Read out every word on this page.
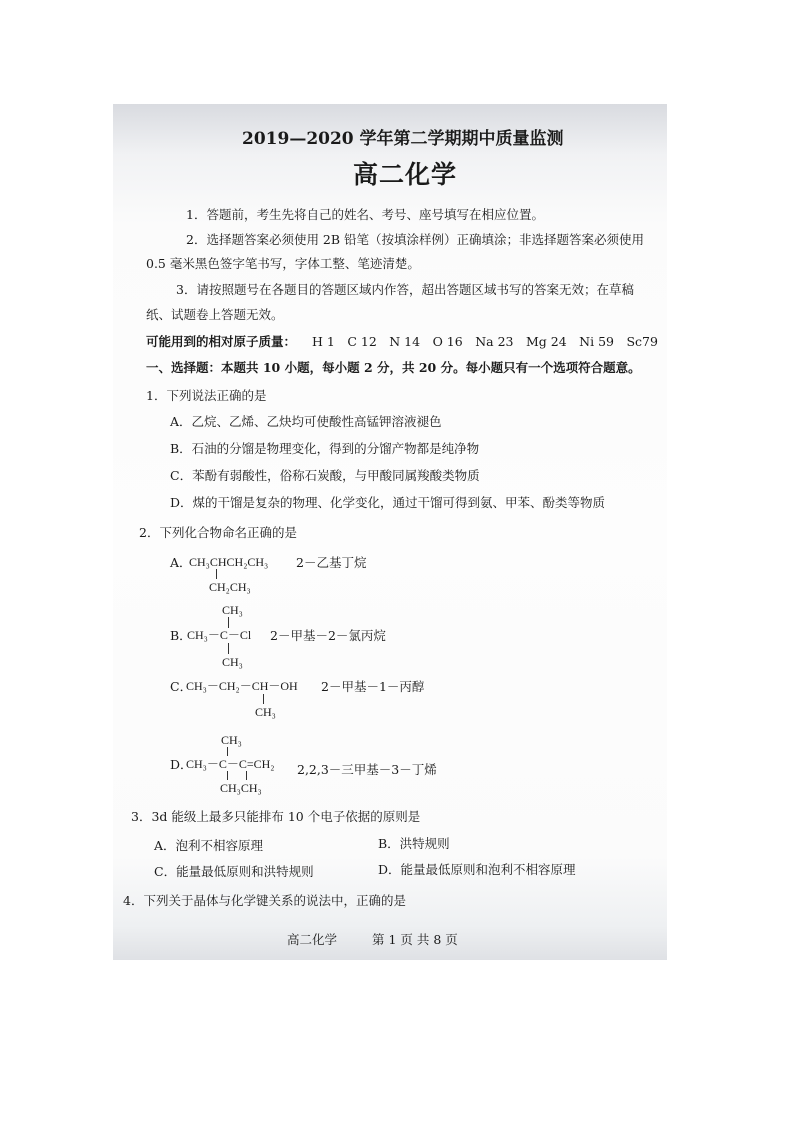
2019—2020 学年第二学期期中质量监测
高二化学
1．答题前，考生先将自己的姓名、考号、座号填写在相应位置。
2．选择题答案必须使用 2B 铅笔（按填涂样例）正确填涂；非选择题答案必须使用
0.5 毫米黑色签字笔书写，字体工整、笔迹清楚。
3．请按照题号在各题目的答题区域内作答，超出答题区域书写的答案无效；在草稿
纸、试题卷上答题无效。
可能用到的相对原子质量： H 1　C 12　N 14　O 16　Na 23　Mg 24　Ni 59　Sc79
一、选择题：本题共 10 小题，每小题 2 分，共 20 分。每小题只有一个选项符合题意。
1．下列说法正确的是
A．乙烷、乙烯、乙炔均可使酸性高锰钾溶液褪色
B．石油的分馏是物理变化，得到的分馏产物都是纯净物
C．苯酚有弱酸性，俗称石炭酸，与甲酸同属羧酸类物质
D．煤的干馏是复杂的物理、化学变化，通过干馏可得到氨、甲苯、酚类等物质
2．下列化合物命名正确的是
A．
CH₃CHCH₂CH₃
CH₂CH₃
2－乙基丁烷
CH₃
B．
CH₃－C－Cl
CH₃
2－甲基－2－氯丙烷
C．
CH₃－CH₂－CH－OH
CH₃
2－甲基－1－丙醇
CH₃
D．
CH₃－C－C=CH₂
CH₃CH₃
2,2,3－三甲基－3－丁烯
3．3d 能级上最多只能排布 10 个电子依据的原则是
A．泡利不相容原理	B．洪特规则
C．能量最低原则和洪特规则	D．能量最低原则和泡利不相容原理
4．下列关于晶体与化学键关系的说法中，正确的是
高二化学	第 1 页 共 8 页
